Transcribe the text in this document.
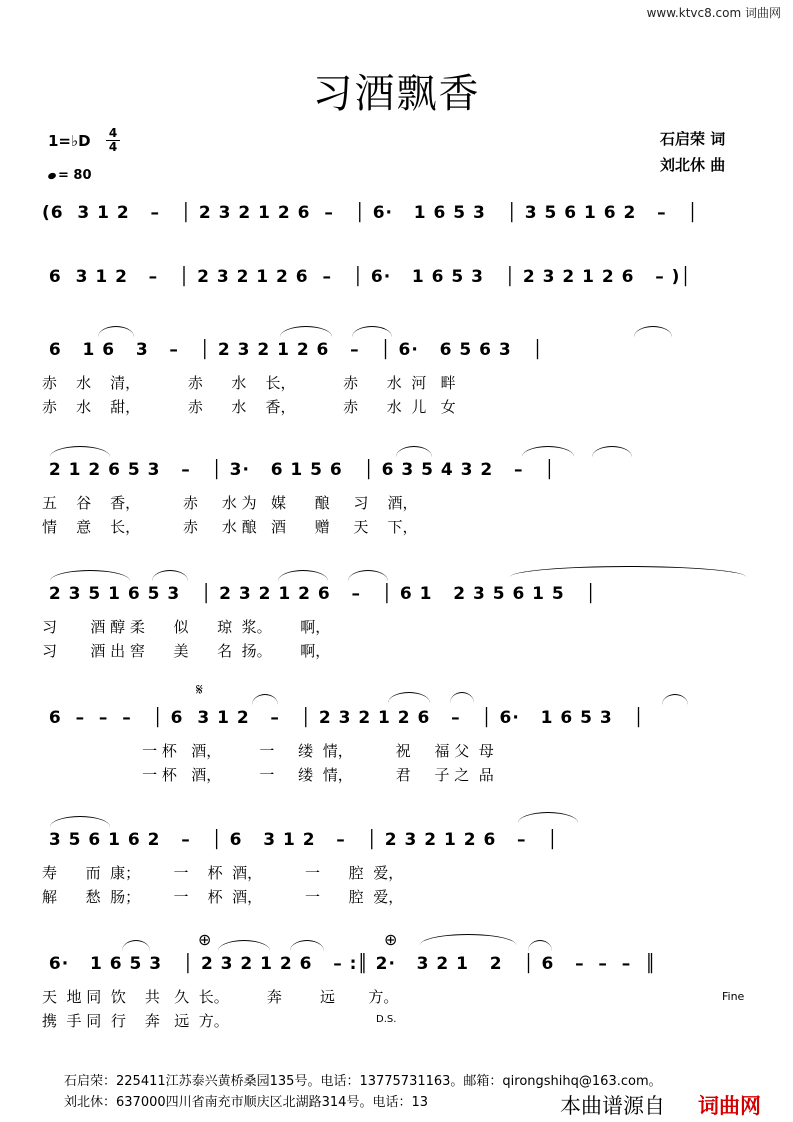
www.ktvc8.com 词曲网
习酒飘香
1=♭D 4
4
= 80
石启荣 词
刘北休 曲
(6  3 1 2   –   │ 2 3 2 1 2 6  –   │ 6·   1 6 5 3   │ 3 5 6 1 6 2   –   │
6  3 1 2   –   │ 2 3 2 1 2 6  –   │ 6·   1 6 5 3   │ 2 3 2 1 2 6   – )│
6   1 6   3   –   │ 2 3 2 1 2 6   –   │ 6·   6 5 6 3   │
赤    水    清，          赤      水    长，          赤      水  河   畔
赤    水    甜，          赤      水    香，          赤      水  儿   女
2 1 2 6 5 3   –   │ 3·   6 1 5 6   │ 6 3 5 4 3 2   –   │
五    谷    香，         赤     水 为   媒      酿     习    酒，
情    意    长，         赤     水 酿   酒      赠     天    下，
2 3 5 1 6 5 3   │ 2 3 2 1 2 6   –   │ 6 1   2 3 5 6 1 5   │
习       酒 醇 柔      似      琼  浆。      啊，
习       酒 出 窖      美      名  扬。      啊，
𝄋
6  –  –  –   │ 6  3 1 2   –   │ 2 3 2 1 2 6   –   │ 6·   1 6 5 3   │
一 杯   酒，        一     缕  情，         祝     福 父  母
一 杯   酒，        一     缕  情，         君     子 之  品
3 5 6 1 6 2   –   │ 6   3 1 2   –   │ 2 3 2 1 2 6   –   │
寿      而  康；       一    杯  酒，         一      腔  爱，
解      愁  肠；       一    杯  酒，         一      腔  爱，
⊕	⊕
6·   1 6 5 3   │ 2 3 2 1 2 6   – :║ 2·   3 2 1   2   │ 6   –  –  –  ║
天  地 同  饮    共   久  长。        奔        远       方。
携  手 同  行    奔   远  方。
Fine
D.S.
石启荣：225411江苏泰兴黄桥桑园135号。电话：13775731163。邮箱：qirongshihq@163.com。
刘北休：637000四川省南充市顺庆区北湖路314号。电话：13	本曲谱源自 词曲网
